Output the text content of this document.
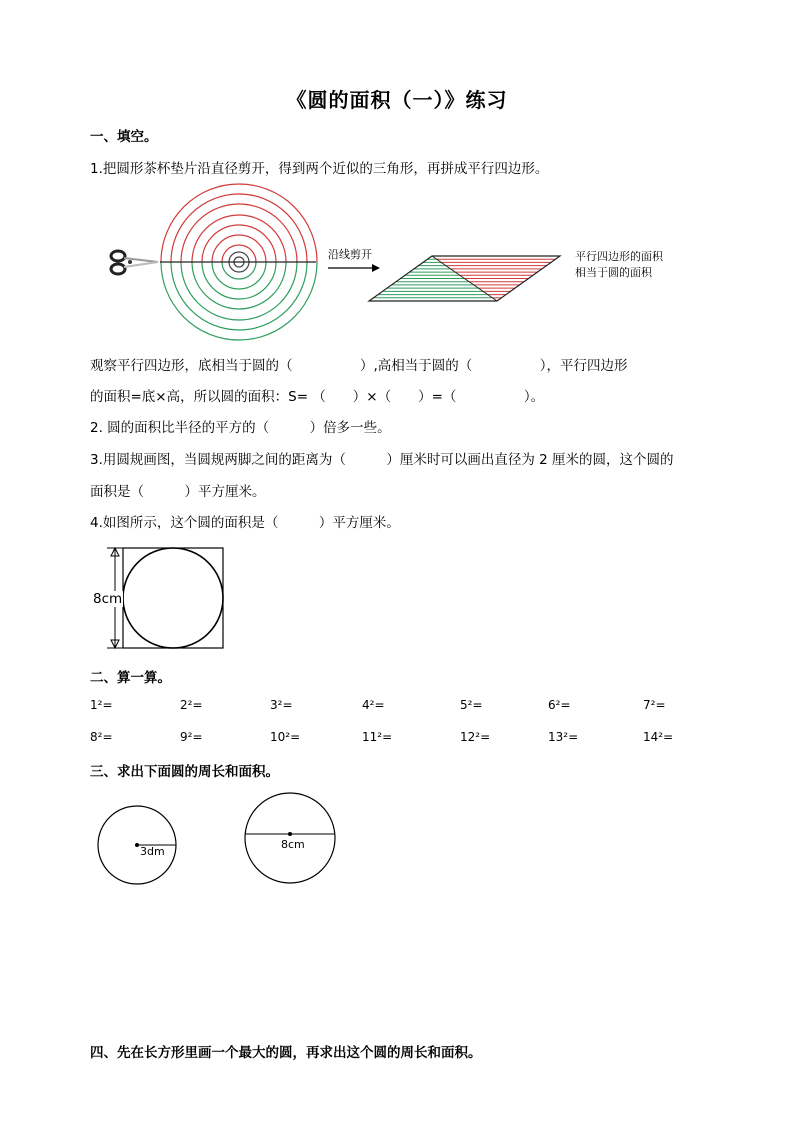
《圆的面积（一）》练习
一、填空。
1.把圆形茶杯垫片沿直径剪开，得到两个近似的三角形，再拼成平行四边形。
沿线剪开	平行四边形的面积
相当于圆的面积
观察平行四边形，底相当于圆的（　　　　　）,高相当于圆的（　　　　　），平行四边形
的面积=底×高，所以圆的面积：S= （　　）×（　　）=（　　　　　）。
2. 圆的面积比半径的平方的（　　　）倍多一些。
3.用圆规画图，当圆规两脚之间的距离为（　　　）厘米时可以画出直径为 2 厘米的圆，这个圆的
面积是（　　　）平方厘米。
4.如图所示，这个圆的面积是（　　　）平方厘米。
8cm
二、算一算。
1²=	2²=	3²=	4²=	5²=	6²=	7²=
8²=	9²=	10²=	11²=	12²=	13²=	14²=
三、求出下面圆的周长和面积。
3dm
8cm
四、先在长方形里画一个最大的圆，再求出这个圆的周长和面积。
